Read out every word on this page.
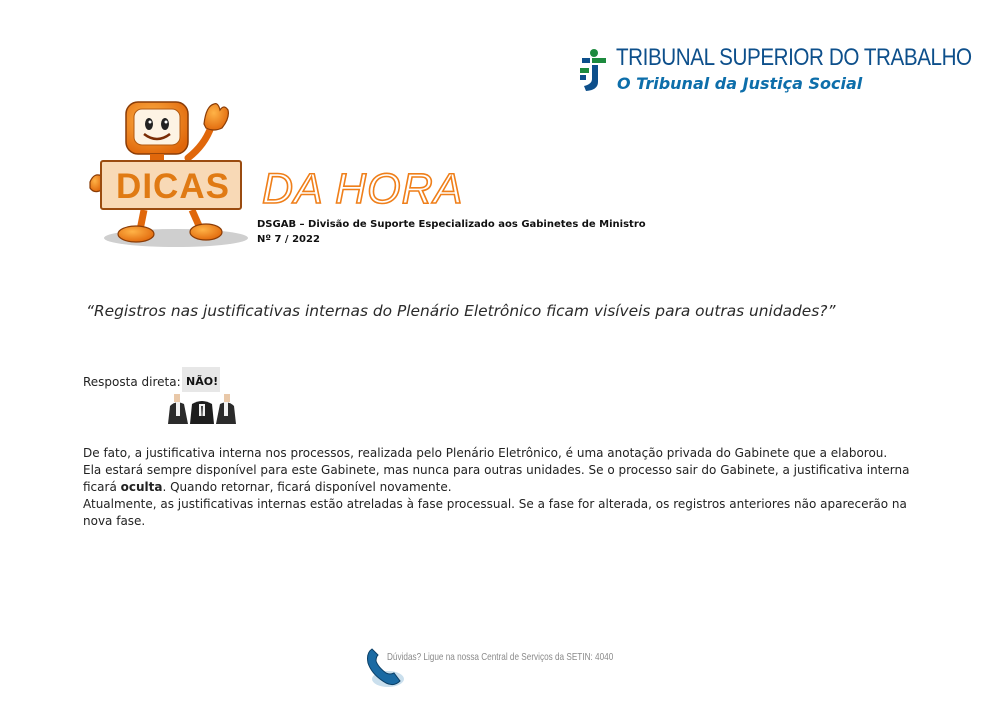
TRIBUNAL SUPERIOR DO TRABALHO
O Tribunal da Justiça Social
DICAS DA HORA
DSGAB – Divisão de Suporte Especializado aos Gabinetes de Ministro
Nº 7 / 2022
“Registros nas justificativas internas do Plenário Eletrônico ficam visíveis para outras unidades?”
Resposta direta: NÃO!

De fato, a justificativa interna nos processos, realizada pelo Plenário Eletrônico, é uma anotação privada do Gabinete que a elaborou.

Ela estará sempre disponível para este Gabinete, mas nunca para outras unidades. Se o processo sair do Gabinete, a justificativa interna ficará oculta. Quando retornar, ficará disponível novamente.

Atualmente, as justificativas internas estão atreladas à fase processual. Se a fase for alterada, os registros anteriores não aparecerão na nova fase.

Dúvidas? Ligue na nossa Central de Serviços da SETIN: 4040
